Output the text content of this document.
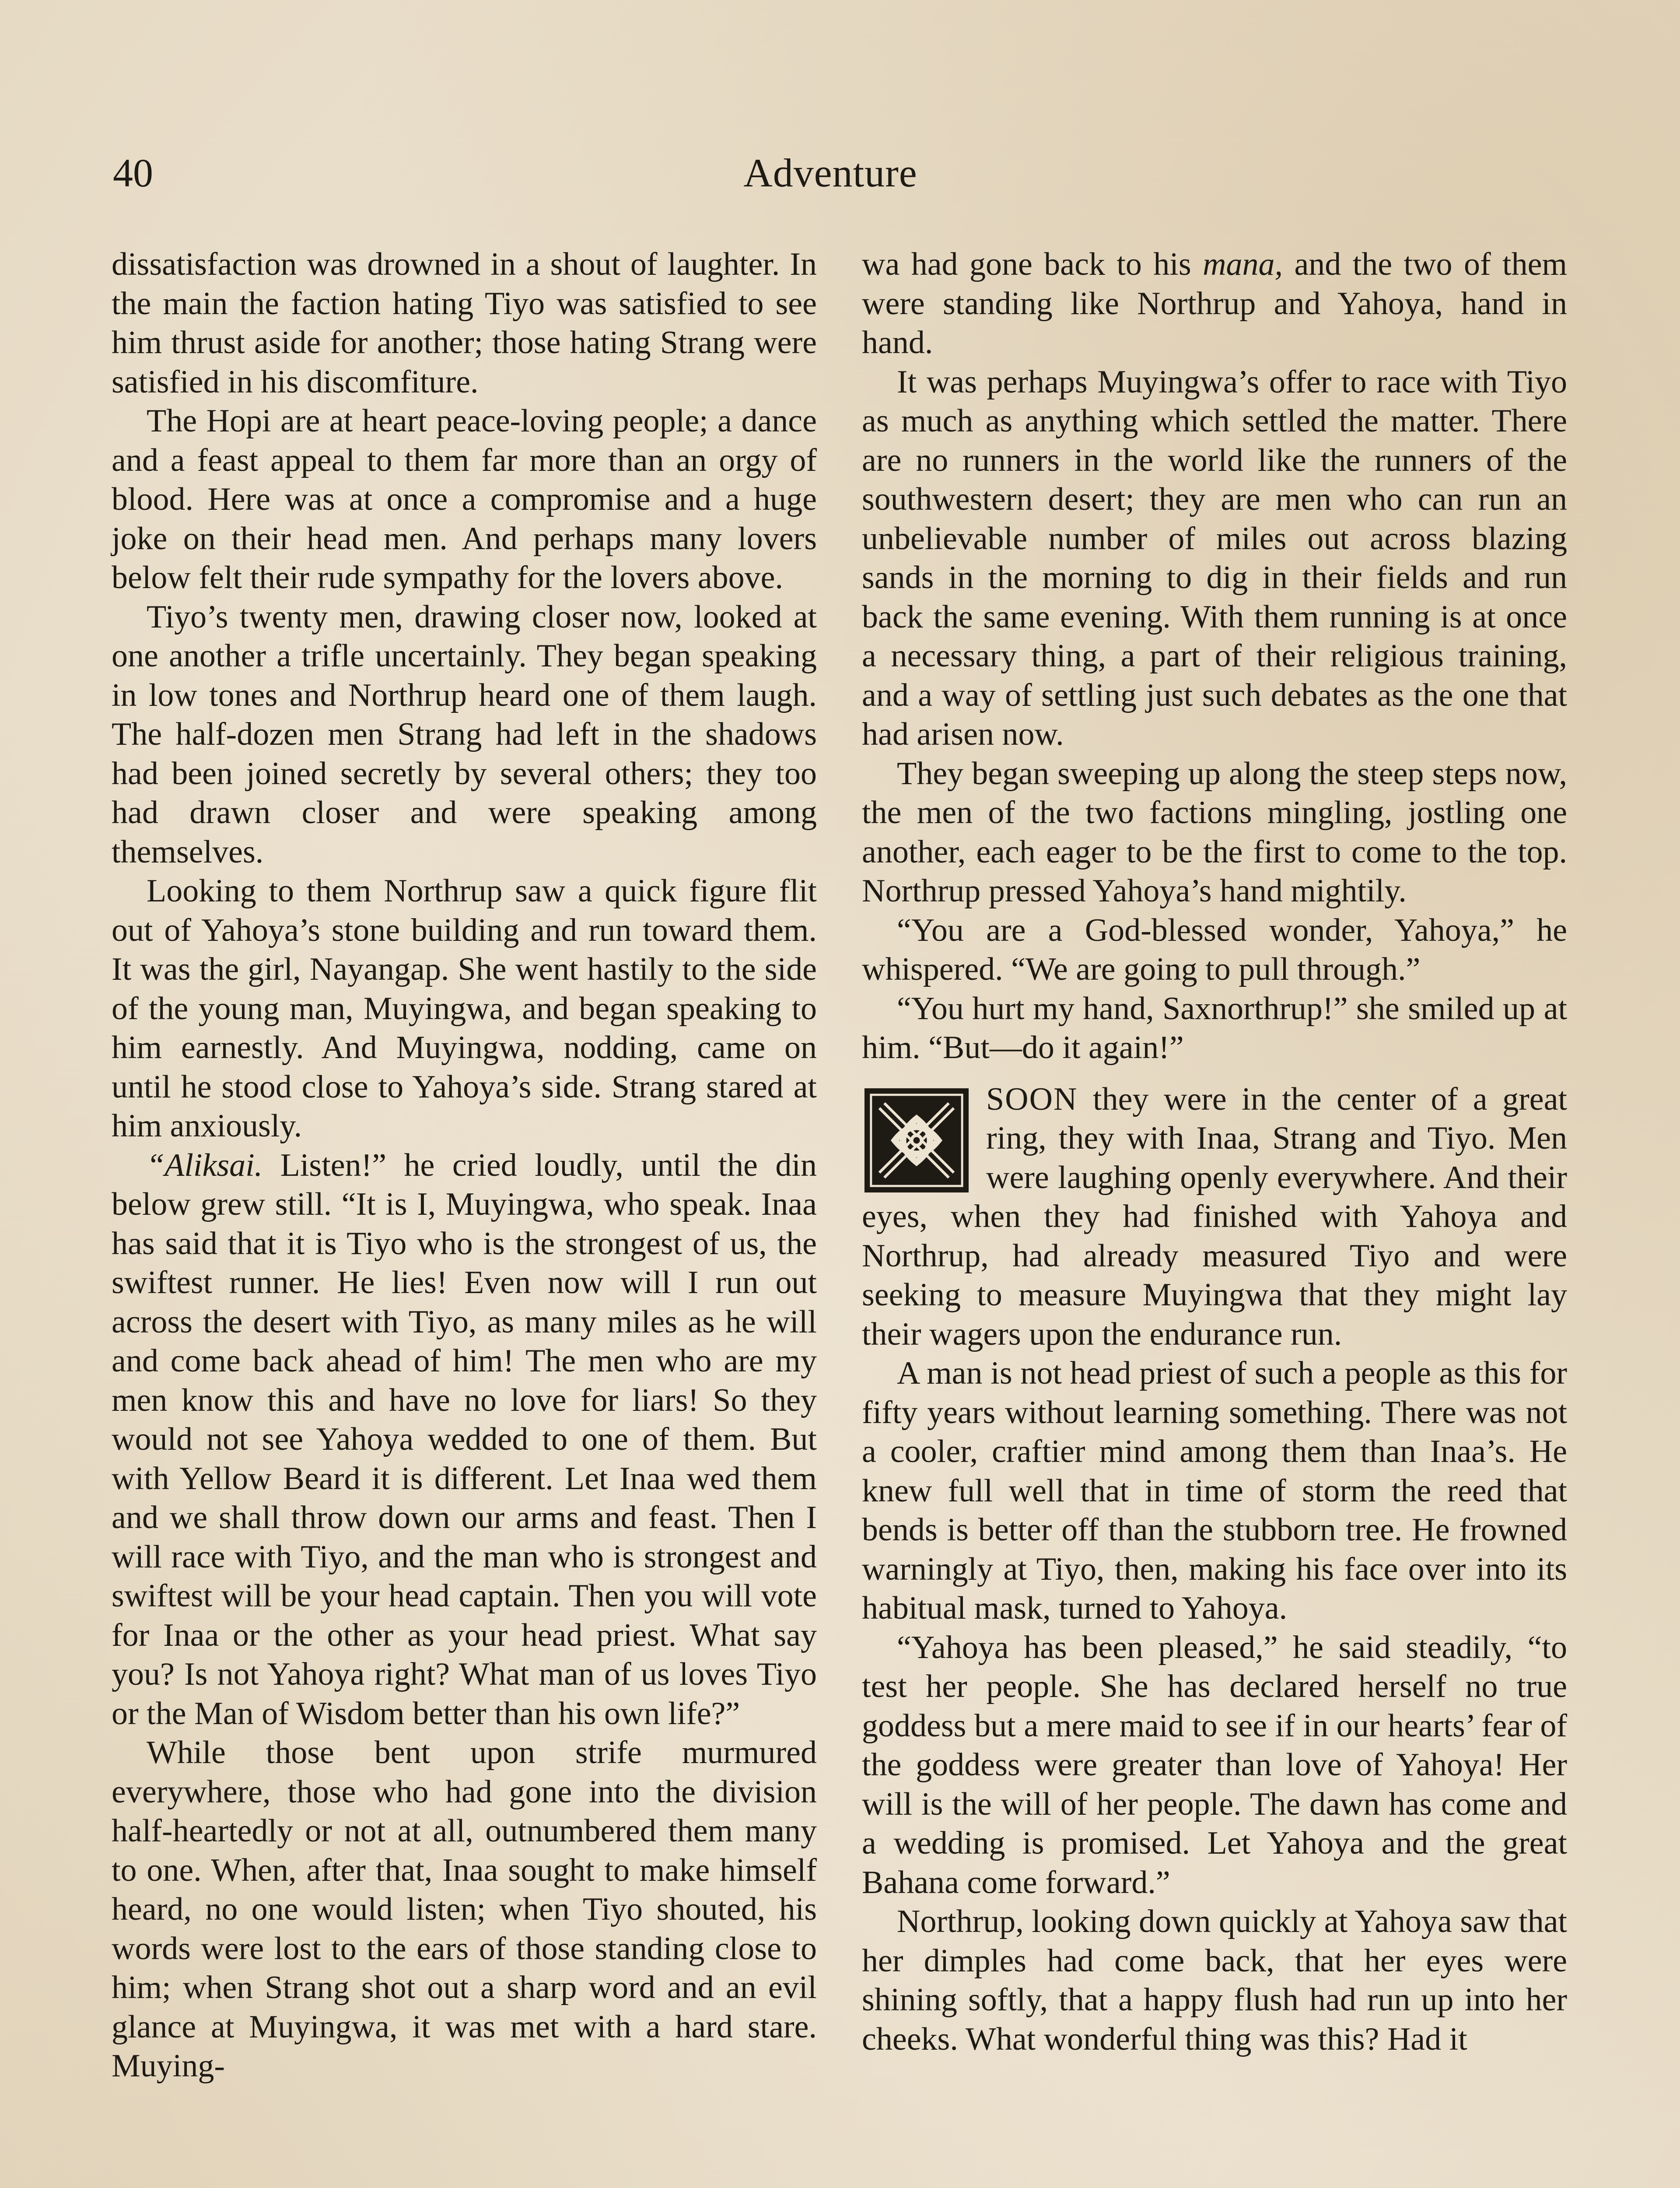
40	Adventure

dissatisfaction was drowned in a shout of laughter. In the main the faction hating Tiyo was satisfied to see him thrust aside for another; those hating Strang were satisfied in his discomfiture.

The Hopi are at heart peace-loving people; a dance and a feast appeal to them far more than an orgy of blood. Here was at once a compromise and a huge joke on their head men. And perhaps many lovers below felt their rude sympathy for the lovers above.

Tiyo’s twenty men, drawing closer now, looked at one another a trifle uncertainly. They began speaking in low tones and Northrup heard one of them laugh. The half-dozen men Strang had left in the shadows had been joined secretly by several others; they too had drawn closer and were speaking among themselves.

Looking to them Northrup saw a quick figure flit out of Yahoya’s stone building and run toward them. It was the girl, Nayangap. She went hastily to the side of the young man, Muyingwa, and began speaking to him earnestly. And Muyingwa, nodding, came on until he stood close to Yahoya’s side. Strang stared at him anxiously.

“Aliksai. Listen!” he cried loudly, until the din below grew still. “It is I, Muyingwa, who speak. Inaa has said that it is Tiyo who is the strongest of us, the swiftest runner. He lies! Even now will I run out across the desert with Tiyo, as many miles as he will and come back ahead of him! The men who are my men know this and have no love for liars! So they would not see Yahoya wedded to one of them. But with Yellow Beard it is different. Let Inaa wed them and we shall throw down our arms and feast. Then I will race with Tiyo, and the man who is strongest and swiftest will be your head captain. Then you will vote for Inaa or the other as your head priest. What say you? Is not Yahoya right? What man of us loves Tiyo or the Man of Wisdom better than his own life?”

While those bent upon strife murmured everywhere, those who had gone into the division half-heartedly or not at all, outnumbered them many to one. When, after that, Inaa sought to make himself heard, no one would listen; when Tiyo shouted, his words were lost to the ears of those standing close to him; when Strang shot out a sharp word and an evil glance at Muyingwa, it was met with a hard stare. Muying-

wa had gone back to his mana, and the two of them were standing like Northrup and Yahoya, hand in hand.

It was perhaps Muyingwa’s offer to race with Tiyo as much as anything which settled the matter. There are no runners in the world like the runners of the southwestern desert; they are men who can run an unbelievable number of miles out across blazing sands in the morning to dig in their fields and run back the same evening. With them running is at once a necessary thing, a part of their religious training, and a way of settling just such debates as the one that had arisen now.

They began sweeping up along the steep steps now, the men of the two factions mingling, jostling one another, each eager to be the first to come to the top. Northrup pressed Yahoya’s hand mightily.

“You are a God-blessed wonder, Yahoya,” he whispered. “We are going to pull through.”

“You hurt my hand, Saxnorthrup!” she smiled up at him. “But—do it again!”

SOON they were in the center of a great ring, they with Inaa, Strang and Tiyo. Men were laughing openly everywhere. And their eyes, when they had finished with Yahoya and Northrup, had already measured Tiyo and were seeking to measure Muyingwa that they might lay their wagers upon the endurance run.

A man is not head priest of such a people as this for fifty years without learning something. There was not a cooler, craftier mind among them than Inaa’s. He knew full well that in time of storm the reed that bends is better off than the stubborn tree. He frowned warningly at Tiyo, then, making his face over into its habitual mask, turned to Yahoya.

“Yahoya has been pleased,” he said steadily, “to test her people. She has declared herself no true goddess but a mere maid to see if in our hearts’ fear of the goddess were greater than love of Yahoya! Her will is the will of her people. The dawn has come and a wedding is promised. Let Yahoya and the great Bahana come forward.”

Northrup, looking down quickly at Yahoya saw that her dimples had come back, that her eyes were shining softly, that a happy flush had run up into her cheeks. What wonderful thing was this? Had it
